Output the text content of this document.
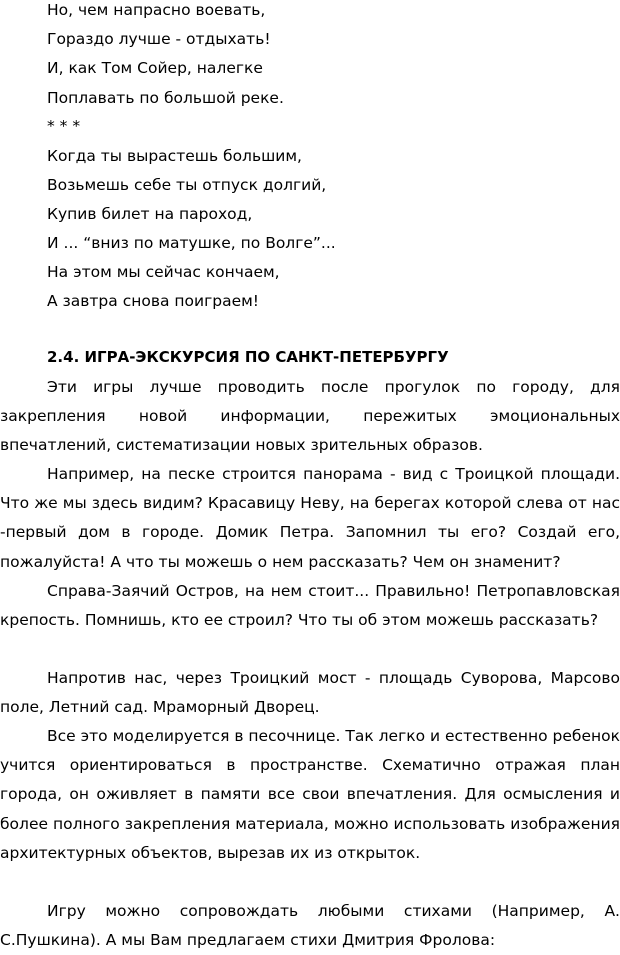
Но, чем напрасно воевать,
Гораздо лучше - отдыхать!
И, как Том Сойер, налегке
Поплавать по большой реке.
* * *
Когда ты вырастешь большим,
Возьмешь себе ты отпуск долгий,
Купив билет на пароход,
И ... “вниз по матушке, по Волге”...
На этом мы сейчас кончаем,
А завтра снова поиграем!
2.4. ИГРА-ЭКСКУРСИЯ ПО САНКТ-ПЕТЕРБУРГУ

Эти игры лучше проводить после прогулок по городу, для закрепления новой информации, пережитых эмоциональных впечатлений, систематизации новых зрительных образов.

Например, на песке строится панорама - вид с Троицкой площади. Что же мы здесь видим? Красавицу Неву, на берегах которой слева от нас -первый дом в городе. Домик Петра. Запомнил ты его? Создай его, пожалуйста! А что ты можешь о нем рассказать? Чем он знаменит?

Справа-Заячий Остров, на нем стоит... Правильно! Петропавловская крепость. Помнишь, кто ее строил? Что ты об этом можешь рассказать?

Напротив нас, через Троицкий мост - площадь Суворова, Марсово поле, Летний сад. Мраморный Дворец.

Все это моделируется в песочнице. Так легко и естественно ребенок учится ориентироваться в пространстве. Схематично отражая план города, он оживляет в памяти все свои впечатления. Для осмысления и более полного закрепления материала, можно использовать изображения архитектурных объектов, вырезав их из открыток.

Игру можно сопровождать любыми стихами (Например, А. С.Пушкина). А мы Вам предлагаем стихи Дмитрия Фролова:
